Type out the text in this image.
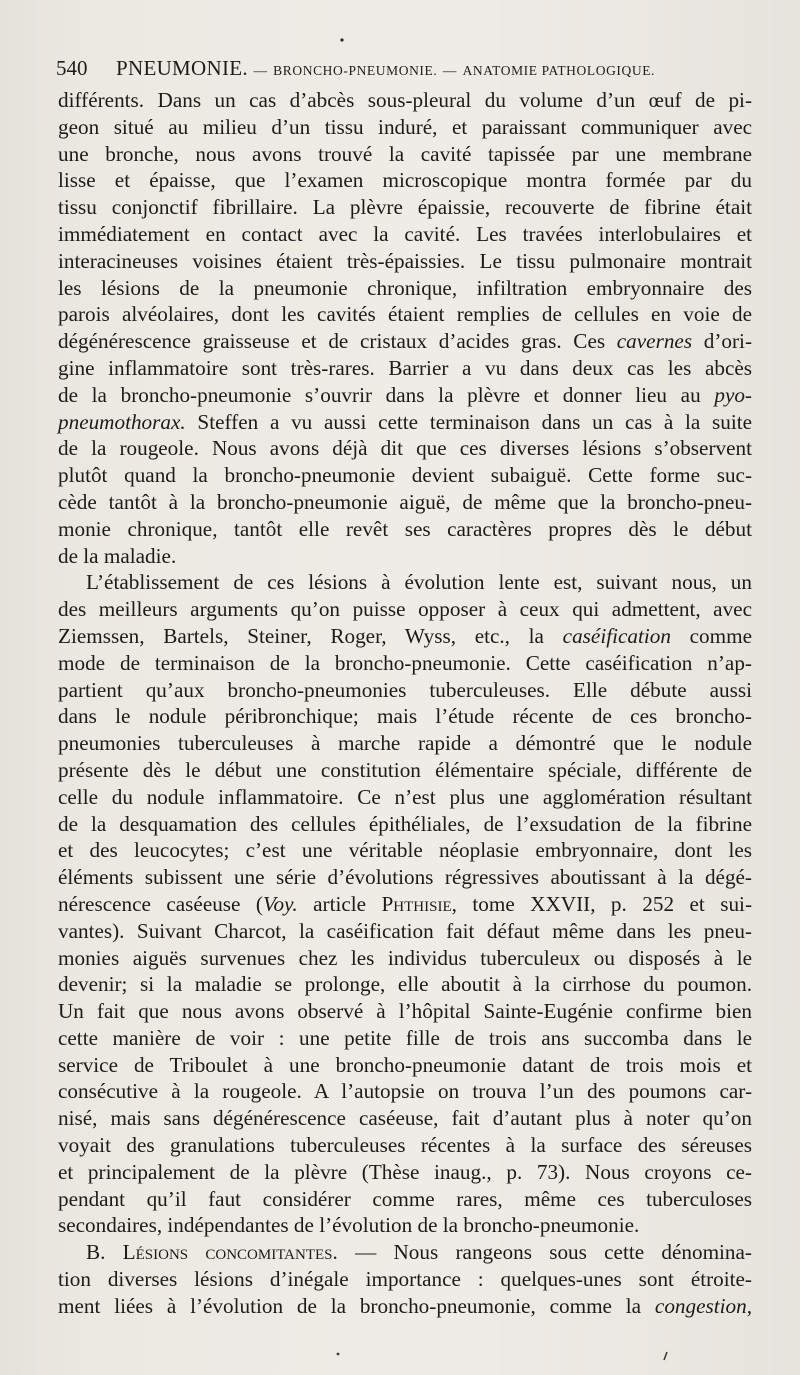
540 PNEUMONIE. — BRONCHO-PNEUMONIE. — ANATOMIE PATHOLOGIQUE.
différents. Dans un cas d’abcès sous-pleural du volume d’un œuf de pi-
geon situé au milieu d’un tissu induré, et paraissant communiquer avec
une bronche, nous avons trouvé la cavité tapissée par une membrane
lisse et épaisse, que l’examen microscopique montra formée par du
tissu conjonctif fibrillaire. La plèvre épaissie, recouverte de fibrine était
immédiatement en contact avec la cavité. Les travées interlobulaires et
interacineuses voisines étaient très-épaissies. Le tissu pulmonaire montrait
les lésions de la pneumonie chronique, infiltration embryonnaire des
parois alvéolaires, dont les cavités étaient remplies de cellules en voie de
dégénérescence graisseuse et de cristaux d’acides gras. Ces cavernes d’ori-
gine inflammatoire sont très-rares. Barrier a vu dans deux cas les abcès
de la broncho-pneumonie s’ouvrir dans la plèvre et donner lieu au pyo-
pneumothorax. Steffen a vu aussi cette terminaison dans un cas à la suite
de la rougeole. Nous avons déjà dit que ces diverses lésions s’observent
plutôt quand la broncho-pneumonie devient subaiguë. Cette forme suc-
cède tantôt à la broncho-pneumonie aiguë, de même que la broncho-pneu-
monie chronique, tantôt elle revêt ses caractères propres dès le début
de la maladie.
L’établissement de ces lésions à évolution lente est, suivant nous, un
des meilleurs arguments qu’on puisse opposer à ceux qui admettent, avec
Ziemssen, Bartels, Steiner, Roger, Wyss, etc., la caséification comme
mode de terminaison de la broncho-pneumonie. Cette caséification n’ap-
partient qu’aux broncho-pneumonies tuberculeuses. Elle débute aussi
dans le nodule péribronchique; mais l’étude récente de ces broncho-
pneumonies tuberculeuses à marche rapide a démontré que le nodule
présente dès le début une constitution élémentaire spéciale, différente de
celle du nodule inflammatoire. Ce n’est plus une agglomération résultant
de la desquamation des cellules épithéliales, de l’exsudation de la fibrine
et des leucocytes; c’est une véritable néoplasie embryonnaire, dont les
éléments subissent une série d’évolutions régressives aboutissant à la dégé-
nérescence caséeuse (Voy. article Phthisie, tome XXVII, p. 252 et sui-
vantes). Suivant Charcot, la caséification fait défaut même dans les pneu-
monies aiguës survenues chez les individus tuberculeux ou disposés à le
devenir; si la maladie se prolonge, elle aboutit à la cirrhose du poumon.
Un fait que nous avons observé à l’hôpital Sainte-Eugénie confirme bien
cette manière de voir : une petite fille de trois ans succomba dans le
service de Triboulet à une broncho-pneumonie datant de trois mois et
consécutive à la rougeole. A l’autopsie on trouva l’un des poumons car-
nisé, mais sans dégénérescence caséeuse, fait d’autant plus à noter qu’on
voyait des granulations tuberculeuses récentes à la surface des séreuses
et principalement de la plèvre (Thèse inaug., p. 73). Nous croyons ce-
pendant qu’il faut considérer comme rares, même ces tuberculoses
secondaires, indépendantes de l’évolution de la broncho-pneumonie.
B. Lésions concomitantes. — Nous rangeons sous cette dénomina-
tion diverses lésions d’inégale importance : quelques-unes sont étroite-
ment liées à l’évolution de la broncho-pneumonie, comme la congestion,
